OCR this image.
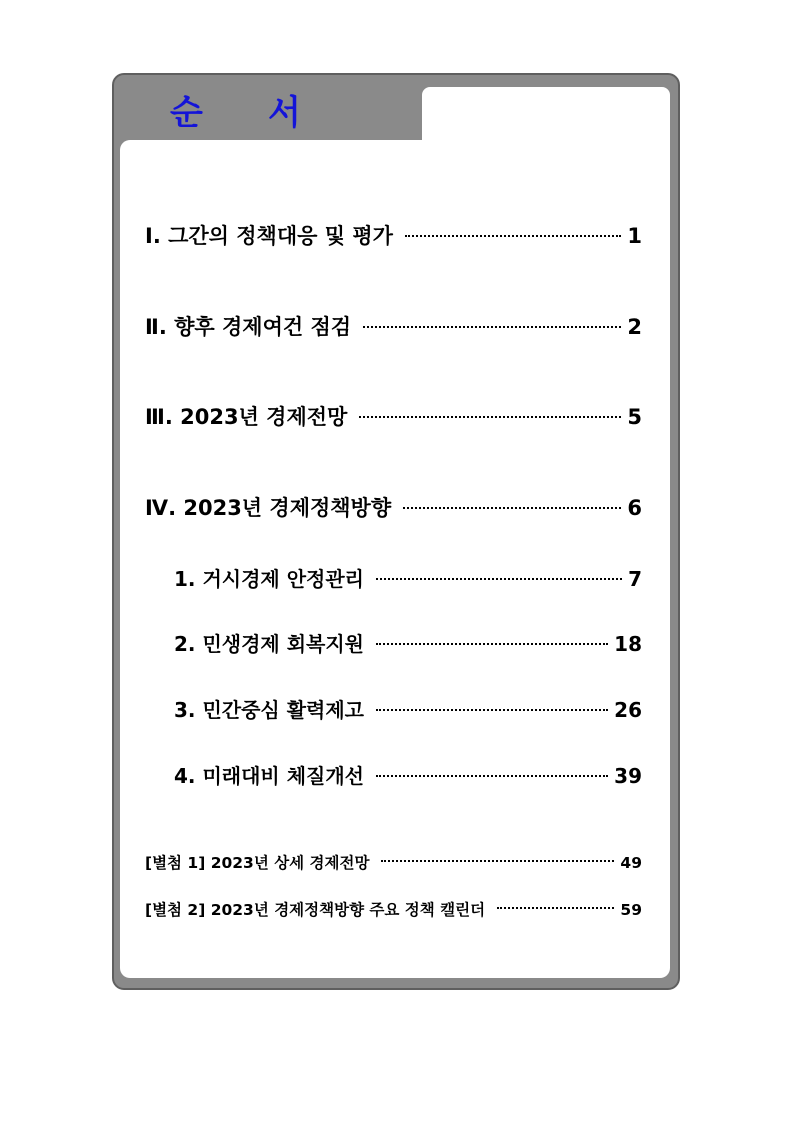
순 서
Ⅰ. 그간의 정책대응 및 평가	1
Ⅱ. 향후 경제여건 점검	2
Ⅲ. 2023년 경제전망	5
Ⅳ. 2023년 경제정책방향	6
1. 거시경제 안정관리	7
2. 민생경제 회복지원	18
3. 민간중심 활력제고	26
4. 미래대비 체질개선	39
[별첨 1] 2023년 상세 경제전망	49
[별첨 2] 2023년 경제정책방향 주요 정책 캘린더	59
